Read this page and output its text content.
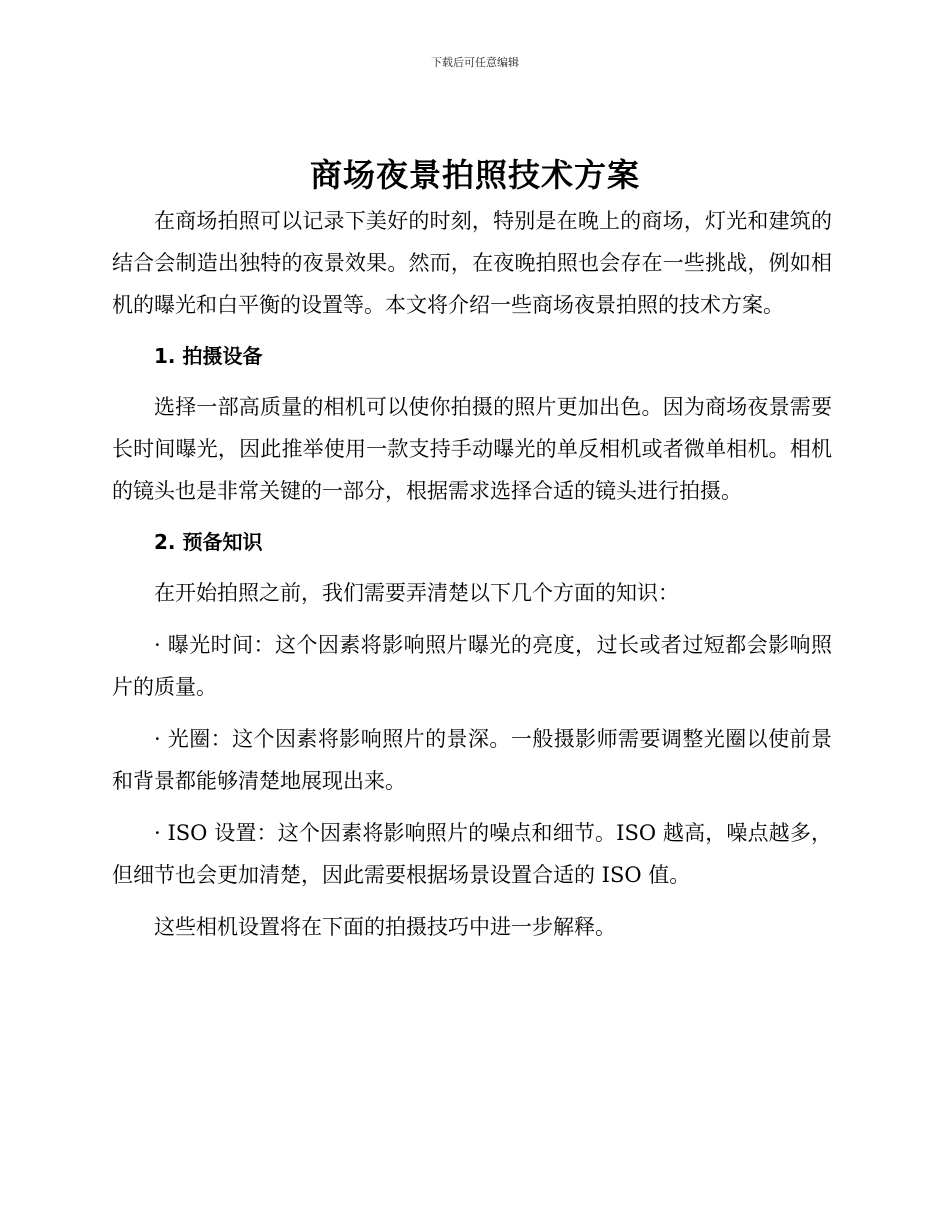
下载后可任意编辑
商场夜景拍照技术方案

在商场拍照可以记录下美好的时刻，特别是在晚上的商场，灯光和建筑的结合会制造出独特的夜景效果。然而，在夜晚拍照也会存在一些挑战，例如相机的曝光和白平衡的设置等。本文将介绍一些商场夜景拍照的技术方案。

1. 拍摄设备

选择一部高质量的相机可以使你拍摄的照片更加出色。因为商场夜景需要长时间曝光，因此推举使用一款支持手动曝光的单反相机或者微单相机。相机的镜头也是非常关键的一部分，根据需求选择合适的镜头进行拍摄。

2. 预备知识

在开始拍照之前，我们需要弄清楚以下几个方面的知识：

· 曝光时间：这个因素将影响照片曝光的亮度，过长或者过短都会影响照片的质量。

· 光圈：这个因素将影响照片的景深。一般摄影师需要调整光圈以使前景和背景都能够清楚地展现出来。

· ISO 设置：这个因素将影响照片的噪点和细节。ISO 越高，噪点越多，但细节也会更加清楚，因此需要根据场景设置合适的 ISO 值。

这些相机设置将在下面的拍摄技巧中进一步解释。
